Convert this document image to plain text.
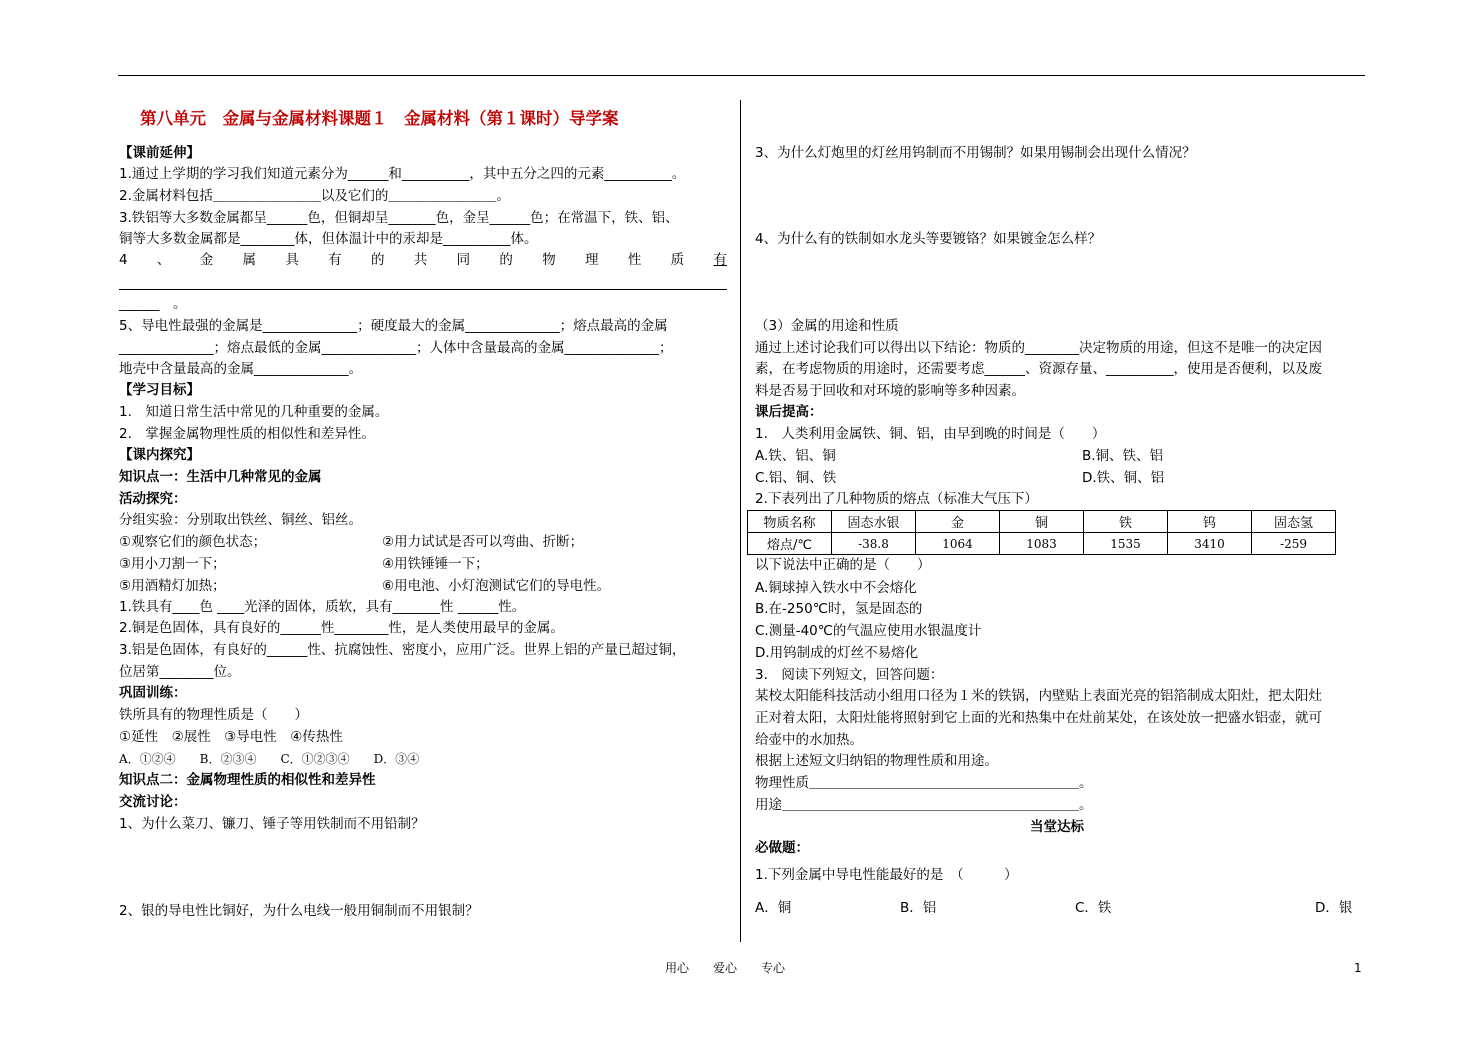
第八单元　金属与金属材料课题１　金属材料（第１课时）导学案
【课前延伸】
1.通过上学期的学习我们知道元素分为______和__________，其中五分之四的元素__________。
2.金属材料包括＿＿＿＿＿＿＿＿以及它们的＿＿＿＿＿＿＿＿。
3.铁铝等大多数金属都呈______色，但铜却呈_______色，金呈______色；在常温下，铁、铝、
铜等大多数金属都是________体，但体温计中的汞却是__________体。
4 、 金 属 具 有 的 共 同 的 物 理 性 质 有
______　。
5、导电性最强的金属是______________；硬度最大的金属______________；熔点最高的金属
______________；熔点最低的金属______________；人体中含量最高的金属______________；
地壳中含量最高的金属______________。
【学习目标】
1.　知道日常生活中常见的几种重要的金属。
2.　掌握金属物理性质的相似性和差异性。
【课内探究】
知识点一：生活中几种常见的金属
活动探究：
分组实验：分别取出铁丝、铜丝、铝丝。
①观察它们的颜色状态；	②用力试试是否可以弯曲、折断；
③用小刀割一下；	④用铁锤锤一下；
⑤用酒精灯加热；	⑥用电池、小灯泡测试它们的导电性。
1.铁具有____色 ____光泽的固体，质软，具有_______性 ______性。
2.铜是色固体，具有良好的______性________性，是人类使用最早的金属。
3.铝是色固体，有良好的______性、抗腐蚀性、密度小，应用广泛。世界上铝的产量已超过铜，
位居第________位。
巩固训练：
铁所具有的物理性质是（　　）
①延性　②展性　③导电性　④传热性
A．①②④　　B．②③④　　C．①②③④　　D．③④
知识点二：金属物理性质的相似性和差异性
交流讨论：
1、为什么菜刀、镰刀、锤子等用铁制而不用铅制？
2、银的导电性比铜好，为什么电线一般用铜制而不用银制？
3、为什么灯炮里的灯丝用钨制而不用锡制？如果用锡制会出现什么情况？
4、为什么有的铁制如水龙头等要镀铬？如果镀金怎么样？
（3）金属的用途和性质
通过上述讨论我们可以得出以下结论：物质的________决定物质的用途，但这不是唯一的决定因
素，在考虑物质的用途时，还需要考虑______、资源存量、__________，使用是否便利，以及废
料是否易于回收和对环境的影响等多种因素。
课后提高：
1.　人类利用金属铁、铜、铝，由早到晚的时间是（　　）
A.铁、铝、铜	B.铜、铁、铝
C.铝、铜、铁	D.铁、铜、铝
2.下表列出了几种物质的熔点（标准大气压下）
物质名称	固态水银	金	铜	铁	钨	固态氢
熔点/℃	-38.8	1064	1083	1535	3410	-259
以下说法中正确的是（　　）
A.铜球掉入铁水中不会熔化
B.在-250℃时，氢是固态的
C.测量-40℃的气温应使用水银温度计
D.用钨制成的灯丝不易熔化
3.　阅读下列短文，回答问题：
某校太阳能科技活动小组用口径为１米的铁锅，内壁贴上表面光亮的铝箔制成太阳灶，把太阳灶
正对着太阳，太阳灶能将照射到它上面的光和热集中在灶前某处，在该处放一把盛水铝壶，就可
给壶中的水加热。
根据上述短文归纳铝的物理性质和用途。
物理性质＿＿＿＿＿＿＿＿＿＿＿＿＿＿＿＿＿＿＿＿。
用途＿＿＿＿＿＿＿＿＿＿＿＿＿＿＿＿＿＿＿＿＿＿。
当堂达标
必做题：
1.下列金属中导电性能最好的是　（　　　）
A．铜	B．铝	C．铁	D．银
用心　　爱心　　专心	1
